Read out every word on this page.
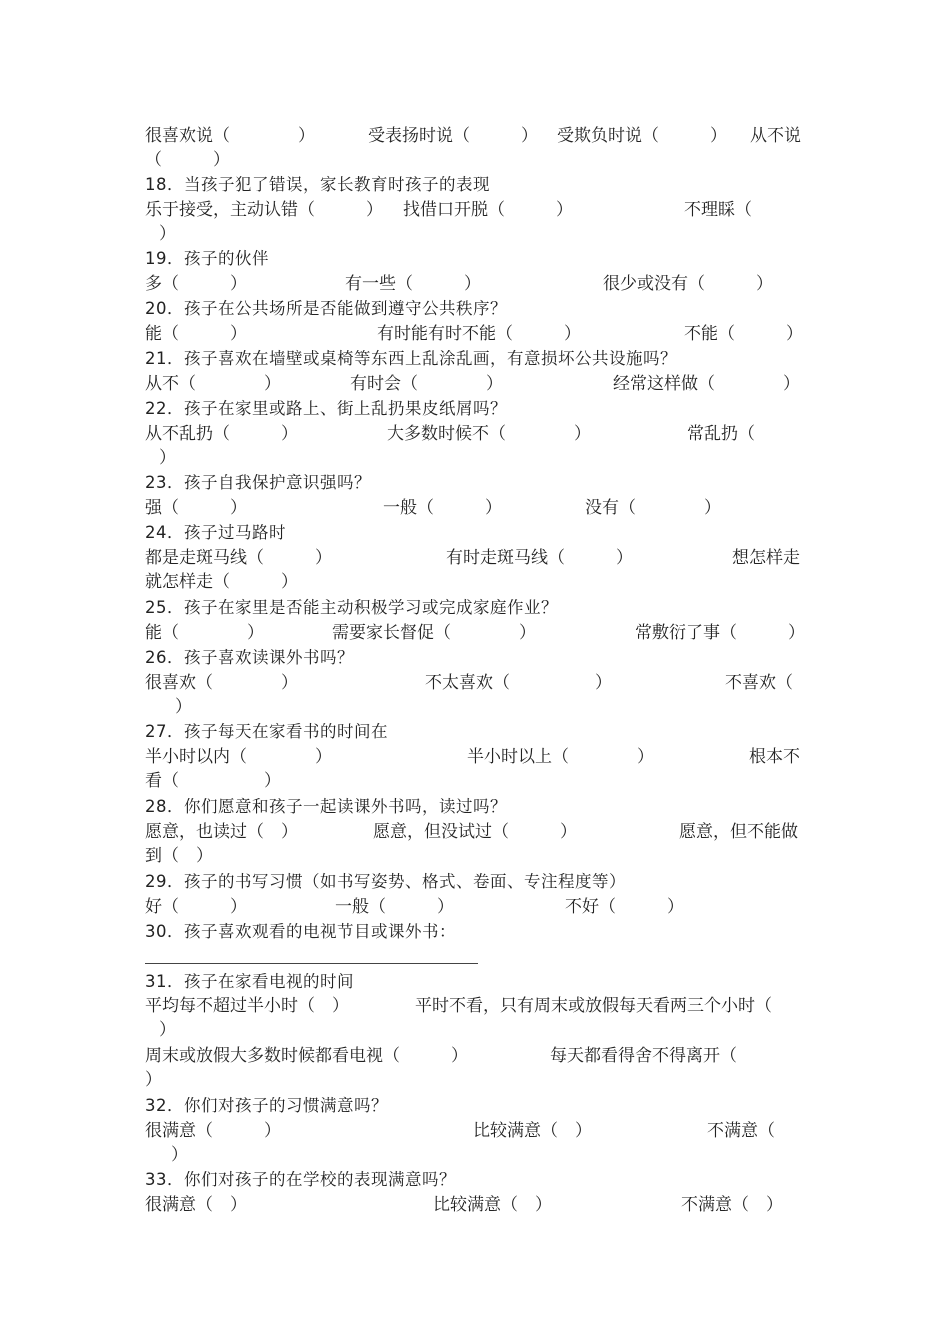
很喜欢说（　　　　）	受表扬时说（　　　） 受欺负时说（　　　） 从不说
（　　　）
18．当孩子犯了错误，家长教育时孩子的表现
乐于接受，主动认错（　　　） 找借口开脱（　　　）	不理睬（
）
19．孩子的伙伴
多（　　　）	有一些（　　　）	很少或没有（　　　）
20．孩子在公共场所是否能做到遵守公共秩序？
能（　　　）	有时能有时不能（　　　）	不能（　　　）
21．孩子喜欢在墙壁或桌椅等东西上乱涂乱画，有意损坏公共设施吗？
从不（　　　　）	有时会（　　　　）	经常这样做（　　　　）
22．孩子在家里或路上、街上乱扔果皮纸屑吗？
从不乱扔（　　　）	大多数时候不（　　　　）	常乱扔（
）
23．孩子自我保护意识强吗？
强（　　　）	一般（　　　）	没有（　　　　）
24．孩子过马路时
都是走斑马线（　　　）	有时走斑马线（　　　）	想怎样走
就怎样走（　　　）
25．孩子在家里是否能主动积极学习或完成家庭作业？
能（　　　　）	需要家长督促（　　　　）	常敷衍了事（　　　）
26．孩子喜欢读课外书吗？
很喜欢（　　　　）	不太喜欢（　　　　　）	不喜欢（
）
27．孩子每天在家看书的时间在
半小时以内（　　　　）	半小时以上（　　　　）	根本不
看（　　　　　）
28．你们愿意和孩子一起读课外书吗，读过吗？
愿意，也读过（　）	愿意，但没试过（　　　）	愿意，但不能做
到（　）
29．孩子的书写习惯（如书写姿势、格式、卷面、专注程度等）
好（　　　）	一般（　　　）	不好（　　　）
30．孩子喜欢观看的电视节目或课外书：
31．孩子在家看电视的时间
平均每不超过半小时（　）	平时不看，只有周末或放假每天看两三个小时（
）
周末或放假大多数时候都看电视（　　　）	每天都看得舍不得离开（
）
32．你们对孩子的习惯满意吗？
很满意（　　　）	比较满意（　）	不满意（
）
33．你们对孩子的在学校的表现满意吗？
很满意（　）	比较满意（　）	不满意（　）
